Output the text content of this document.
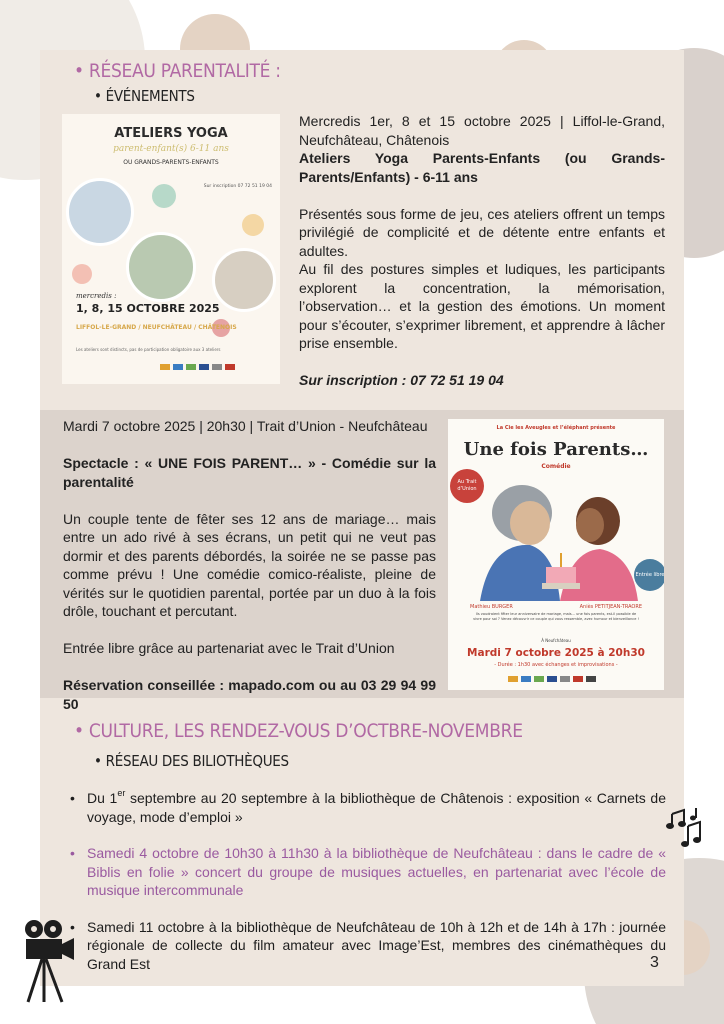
• RÉSEAU PARENTALITÉ :
• ÉVÉNEMENTS
ATELIERS YOGA
parent-enfant(s) 6-11 ans
OU GRANDS-PARENTS-ENFANTS
Sur inscription 07 72 51 19 04
mercredis :
1, 8, 15 OCTOBRE 2025
LIFFOL-LE-GRAND / NEUFCHÂTEAU / CHÂTENOIS
Les ateliers sont distincts, pas de participation obligatoire aux 3 ateliers

Mercredis 1er, 8 et 15 octobre 2025 | Liffol-le-Grand, Neufchâteau, Châtenois

Ateliers Yoga Parents-Enfants (ou Grands-Parents/Enfants) - 6-11 ans

Présentés sous forme de jeu, ces ateliers offrent un temps privilégié de complicité et de détente entre enfants et adultes.

Au fil des postures simples et ludiques, les participants explorent la concentration, la mémorisation, l’observation… et la gestion des émotions. Un moment pour s’écouter, s’exprimer librement, et apprendre à lâcher prise ensemble.

Sur inscription : 07 72 51 19 04

Mardi 7 octobre 2025 | 20h30 | Trait d’Union - Neufchâteau

Spectacle : « UNE FOIS PARENT… » - Comédie sur la parentalité

Un couple tente de fêter ses 12 ans de mariage… mais entre un ado rivé à ses écrans, un petit qui ne veut pas dormir et des parents débordés, la soirée ne se passe pas comme prévu ! Une comédie comico-réaliste, pleine de vérités sur le quotidien parental, portée par un duo à la fois drôle, touchant et percutant.

Entrée libre grâce au partenariat avec le Trait d’Union

Réservation conseillée : mapado.com ou au 03 29 94 99 50

La Cie les Aveugles et l’éléphant présente
Une fois Parents…
Comédie
Au Trait d’Union
Entrée libre
Mathieu BURGER	Aniès PETITJEAN-TRAORE
Ils voudraient fêter leur anniversaire de mariage, mais… une fois parents, est-il possible de vivre pour soi ? Venez découvrir ce couple qui vous ressemble, avec humour et bienveillance !
À Neufchâteau
Mardi 7 octobre 2025 à 20h30
- Durée : 1h30 avec échanges et improvisations -
• CULTURE, LES RENDEZ-VOUS D’OCTBRE-NOVEMBRE
• RÉSEAU DES BILIOTHÈQUES
• Du 1er septembre au 20 septembre à la bibliothèque de Châtenois : exposition « Carnets de voyage, mode d’emploi »
• Samedi 4 octobre de 10h30 à 11h30 à la bibliothèque de Neufchâteau : dans le cadre de « Biblis en folie » concert du groupe de musiques actuelles, en partenariat avec l’école de musique intercommunale
• Samedi 11 octobre à la bibliothèque de Neufchâteau de 10h à 12h et de 14h à 17h : journée régionale de collecte du film amateur avec Image’Est, membres des cinémathèques du Grand Est	3
